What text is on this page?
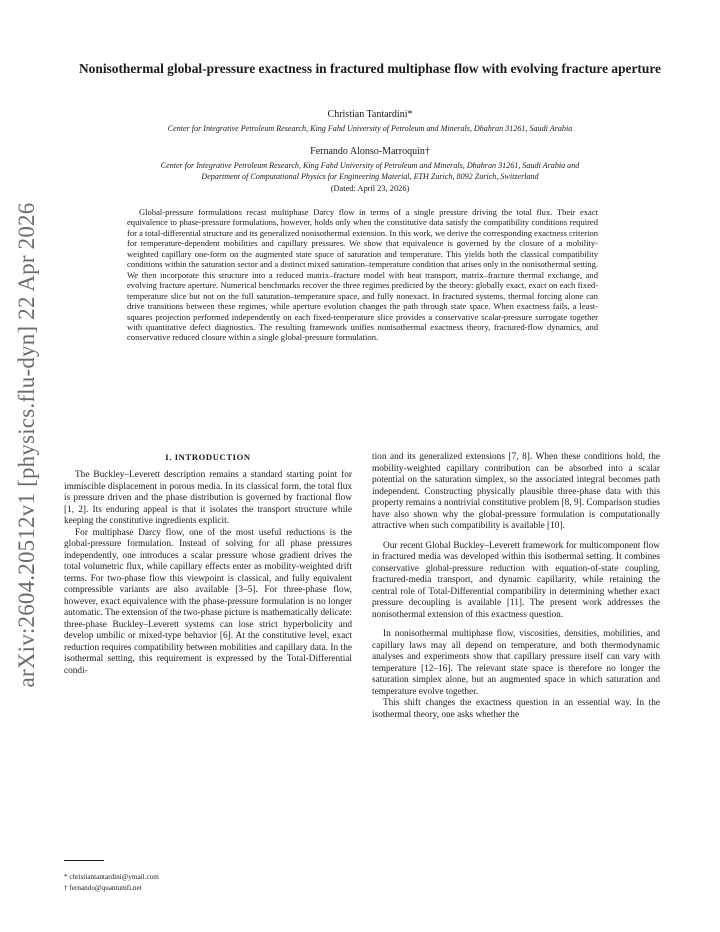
arXiv:2604.20512v1 [physics.flu-dyn] 22 Apr 2026
Nonisothermal global-pressure exactness in fractured multiphase flow with evolving fracture aperture
Christian Tantardini*
Center for Integrative Petroleum Research, King Fahd University of Petroleum and Minerals, Dhahran 31261, Saudi Arabia
Fernando Alonso-Marroquín†
Center for Integrative Petroleum Research, King Fahd University of Petroleum and Minerals, Dhahran 31261, Saudi Arabia and
Department of Computational Physics for Engineering Material, ETH Zurich, 8092 Zurich, Switzerland
(Dated: April 23, 2026)
Global-pressure formulations recast multiphase Darcy flow in terms of a single pressure driving the total flux. Their exact equivalence to phase-pressure formulations, however, holds only when the constitutive data satisfy the compatibility conditions required for a total-differential structure and its generalized nonisothermal extension. In this work, we derive the corresponding exactness criterion for temperature-dependent mobilities and capillary pressures. We show that equivalence is governed by the closure of a mobility-weighted capillary one-form on the augmented state space of saturation and temperature. This yields both the classical compatibility conditions within the saturation sector and a distinct mixed saturation–temperature condition that arises only in the nonisothermal setting. We then incorporate this structure into a reduced matrix–fracture model with heat transport, matrix–fracture thermal exchange, and evolving fracture aperture. Numerical benchmarks recover the three regimes predicted by the theory: globally exact, exact on each fixed-temperature slice but not on the full saturation–temperature space, and fully nonexact. In fractured systems, thermal forcing alone can drive transitions between these regimes, while aperture evolution changes the path through state space. When exactness fails, a least-squares projection performed independently on each fixed-temperature slice provides a conservative scalar-pressure surrogate together with quantitative defect diagnostics. The resulting framework unifies nonisothermal exactness theory, fractured-flow dynamics, and conservative reduced closure within a single global-pressure formulation.
I. INTRODUCTION

The Buckley–Leverett description remains a standard starting point for immiscible displacement in porous media. In its classical form, the total flux is pressure driven and the phase distribution is governed by fractional flow [1, 2]. Its enduring appeal is that it isolates the transport structure while keeping the constitutive ingredients explicit.

For multiphase Darcy flow, one of the most useful reductions is the global-pressure formulation. Instead of solving for all phase pressures independently, one introduces a scalar pressure whose gradient drives the total volumetric flux, while capillary effects enter as mobility-weighted drift terms. For two-phase flow this viewpoint is classical, and fully equivalent compressible variants are also available [3–5]. For three-phase flow, however, exact equivalence with the phase-pressure formulation is no longer automatic. The extension of the two-phase picture is mathematically delicate: three-phase Buckley–Leverett systems can lose strict hyperbolicity and develop umbilic or mixed-type behavior [6]. At the constitutive level, exact reduction requires compatibility between mobilities and capillary data. In the isothermal setting, this requirement is expressed by the Total-Differential condi-

tion and its generalized extensions [7, 8]. When these conditions hold, the mobility-weighted capillary contribution can be absorbed into a scalar potential on the saturation simplex, so the associated integral becomes path independent. Constructing physically plausible three-phase data with this property remains a nontrivial constitutive problem [8, 9]. Comparison studies have also shown why the global-pressure formulation is computationally attractive when such compatibility is available [10].

Our recent Global Buckley–Leverett framework for multicomponent flow in fractured media was developed within this isothermal setting. It combines conservative global-pressure reduction with equation-of-state coupling, fractured-media transport, and dynamic capillarity, while retaining the central role of Total-Differential compatibility in determining whether exact pressure decoupling is available [11]. The present work addresses the nonisothermal extension of this exactness question.

In nonisothermal multiphase flow, viscosities, densities, mobilities, and capillary laws may all depend on temperature, and both thermodynamic analyses and experiments show that capillary pressure itself can vary with temperature [12–16]. The relevant state space is therefore no longer the saturation simplex alone, but an augmented space in which saturation and temperature evolve together.

This shift changes the exactness question in an essential way. In the isothermal theory, one asks whether the

* christiantantardini@ymail.com
† fernando@quantumfi.net
